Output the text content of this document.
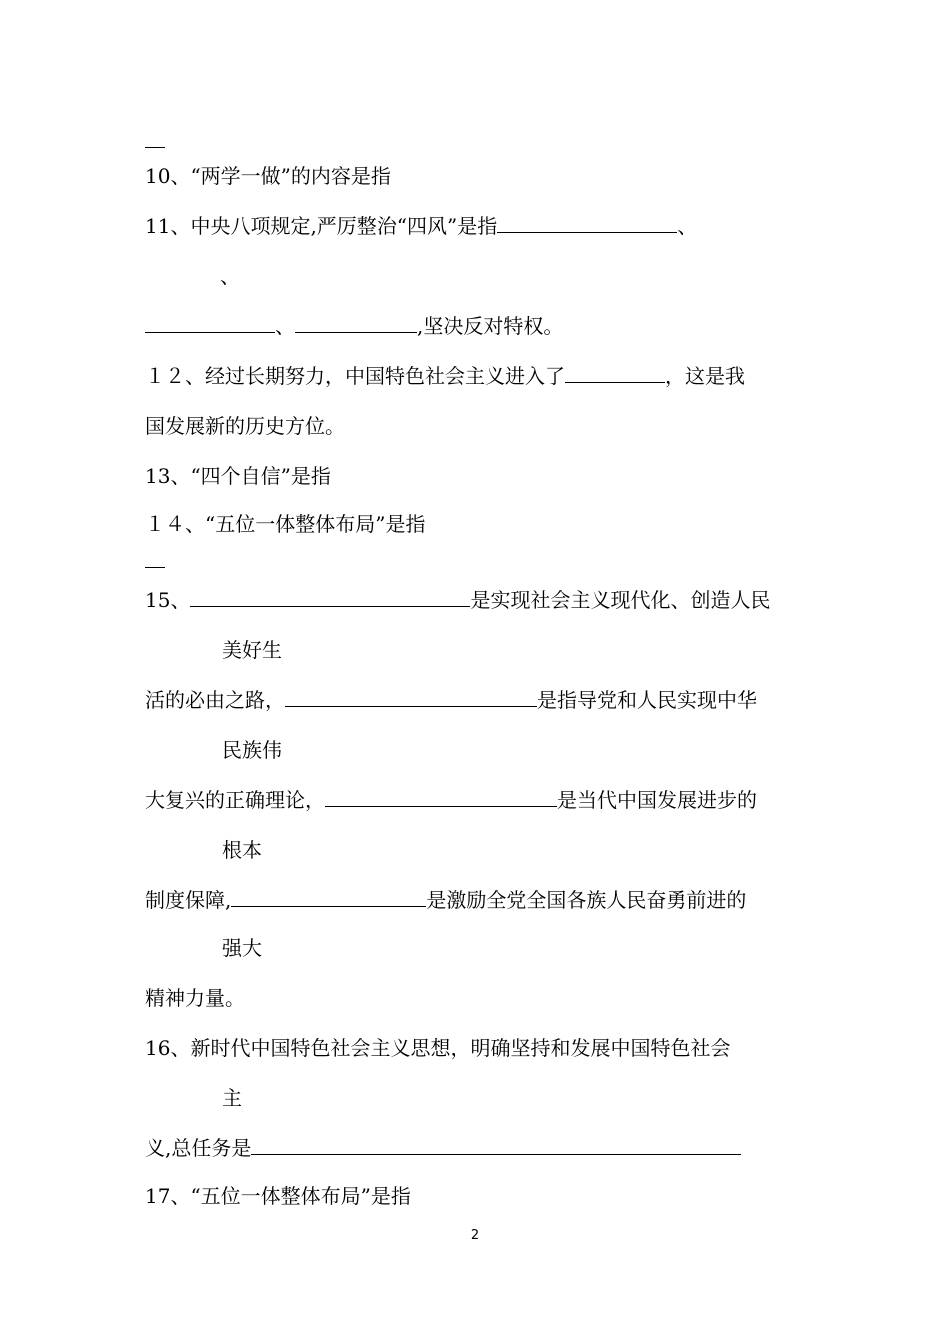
10、“两学一做”的内容是指
11、中央八项规定,严厉整治“四风”是指	、
、
、	,坚决反对特权。
１２、经过长期努力，中国特色社会主义进入了	，这是我
国发展新的历史方位。
13、“四个自信”是指
１４、“五位一体整体布局”是指
15、	是实现社会主义现代化、创造人民
美好生
活的必由之路，	是指导党和人民实现中华
民族伟
大复兴的正确理论，	是当代中国发展进步的
根本
制度保障,	是激励全党全国各族人民奋勇前进的
强大
精神力量。
16、新时代中国特色社会主义思想，明确坚持和发展中国特色社会
主
义,总任务是
17、“五位一体整体布局”是指
2
